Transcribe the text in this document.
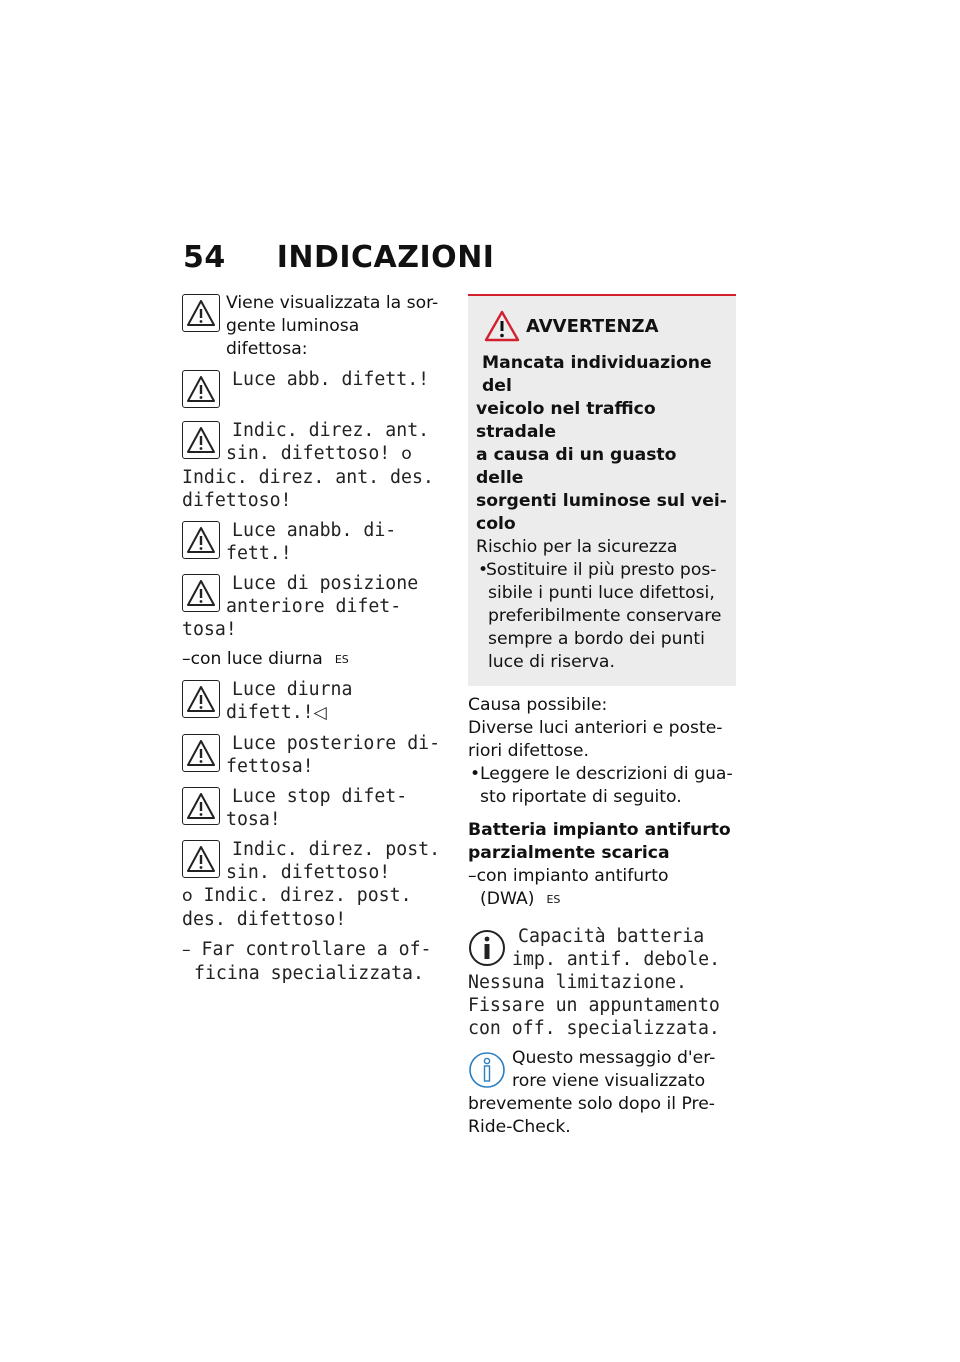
54 INDICAZIONI
Viene visualizzata la sor-
gente luminosa difettosa:
Luce abb. difett.!
Indic. direz. ant.
sin. difettoso! o
Indic. direz. ant. des.
difettoso!
Luce anabb. di-
fett.!
Luce di posizione
anteriore difet-
tosa!
–con luce diurna $^{ES}$
Luce diurna
difett.!◁
Luce posteriore di-
fettosa!
Luce stop difet-
tosa!
Indic. direz. post.
sin. difettoso!
o Indic. direz. post.
des. difettoso!
– Far controllare a of-
ficina specializzata.
AVVERTENZA
Mancata individuazione del
veicolo nel traffico stradale
a causa di un guasto delle
sorgenti luminose sul vei-
colo
Rischio per la sicurezza
• Sostituire il più presto pos-
sibile i punti luce difettosi,
preferibilmente conservare
sempre a bordo dei punti
luce di riserva.
Causa possibile:
Diverse luci anteriori e poste-
riori difettose.
• Leggere le descrizioni di gua-
sto riportate di seguito.
Batteria impianto antifurto
parzialmente scarica
–con impianto antifurto
(DWA) $^{ES}$
Capacità batteria
imp. antif. debole.
Nessuna limitazione.
Fissare un appuntamento
con off. specializzata.
Questo messaggio d'er-
rore viene visualizzato
brevemente solo dopo il Pre-
Ride-Check.
